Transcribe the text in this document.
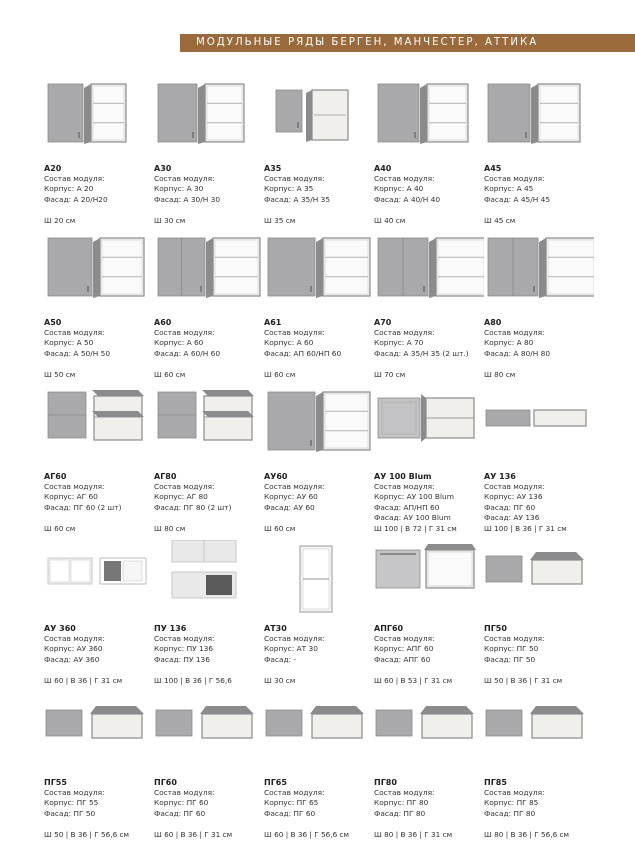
МОДУЛЬНЫЕ РЯДЫ БЕРГЕН, МАНЧЕСТЕР, АТТИКА
А20
Состав модуля:
Корпус: А 20
Фасад: А 20/Н20
Ш 20 см
А30
Состав модуля:
Корпус: А 30
Фасад: А 30/Н 30
Ш 30 см
А35
Состав модуля:
Корпус: А 35
Фасад: А 35/Н 35
Ш 35 см
А40
Состав модуля:
Корпус: А 40
Фасад: А 40/Н 40
Ш 40 см
А45
Состав модуля:
Корпус: А 45
Фасад: А 45/Н 45
Ш 45 см
А50
Состав модуля:
Корпус: А 50
Фасад: А 50/Н 50
Ш 50 см
А60
Состав модуля:
Корпус: А 60
Фасад: А 60/Н 60
Ш 60 см
А61
Состав модуля:
Корпус: А 60
Фасад: АП 60/НП 60
Ш 60 см
А70
Состав модуля:
Корпус: А 70
Фасад: А 35/Н 35 (2 шт.)
Ш 70 см
А80
Состав модуля:
Корпус: А 80
Фасад: А 80/Н 80
Ш 80 см
АГ60
Состав модуля:
Корпус: АГ 60
Фасад: ПГ 60 (2 шт)
Ш 60 см
АГ80
Состав модуля:
Корпус: АГ 80
Фасад: ПГ 80 (2 шт)
Ш 80 см
АУ60
Состав модуля:
Корпус: АУ 60
Фасад: АУ 60
Ш 60 см
АУ 100 Blum
Состав модуля:
Корпус: АУ 100 Blum
Фасад: АП/НП 60
Фасад: АУ 100 Blum
Ш 100 | В 72 | Г 31 см
АУ 136
Состав модуля:
Корпус: АУ 136
Фасад: ПГ 60
Фасад: АУ 136
Ш 100 | В 36 | Г 31 см
АУ 360
Состав модуля:
Корпус: АУ 360
Фасад: АУ 360
Ш 60 | В 36 | Г 31 см
ПУ 136
Состав модуля:
Корпус: ПУ 136
Фасад: ПУ 136
Ш 100 | В 36 | Г 56,6
АТ30
Состав модуля:
Корпус: АТ 30
Фасад: -
Ш 30 см
АПГ60
Состав модуля:
Корпус: АПГ 60
Фасад: АПГ 60
Ш 60 | В 53 | Г 31 см
ПГ50
Состав модуля:
Корпус: ПГ 50
Фасад: ПГ 50
Ш 50 | В 36 | Г 31 см
ПГ55
Состав модуля:
Корпус: ПГ 55
Фасад: ПГ 50
Ш 50 | В 36 | Г 56,6 см
ПГ60
Состав модуля:
Корпус: ПГ 60
Фасад: ПГ 60
Ш 60 | В 36 | Г 31 см
ПГ65
Состав модуля:
Корпус: ПГ 65
Фасад: ПГ 60
Ш 60 | В 36 | Г 56,6 см
ПГ80
Состав модуля:
Корпус: ПГ 80
Фасад: ПГ 80
Ш 80 | В 36 | Г 31 см
ПГ85
Состав модуля:
Корпус: ПГ 85
Фасад: ПГ 80
Ш 80 | В 36 | Г 56,6 см
